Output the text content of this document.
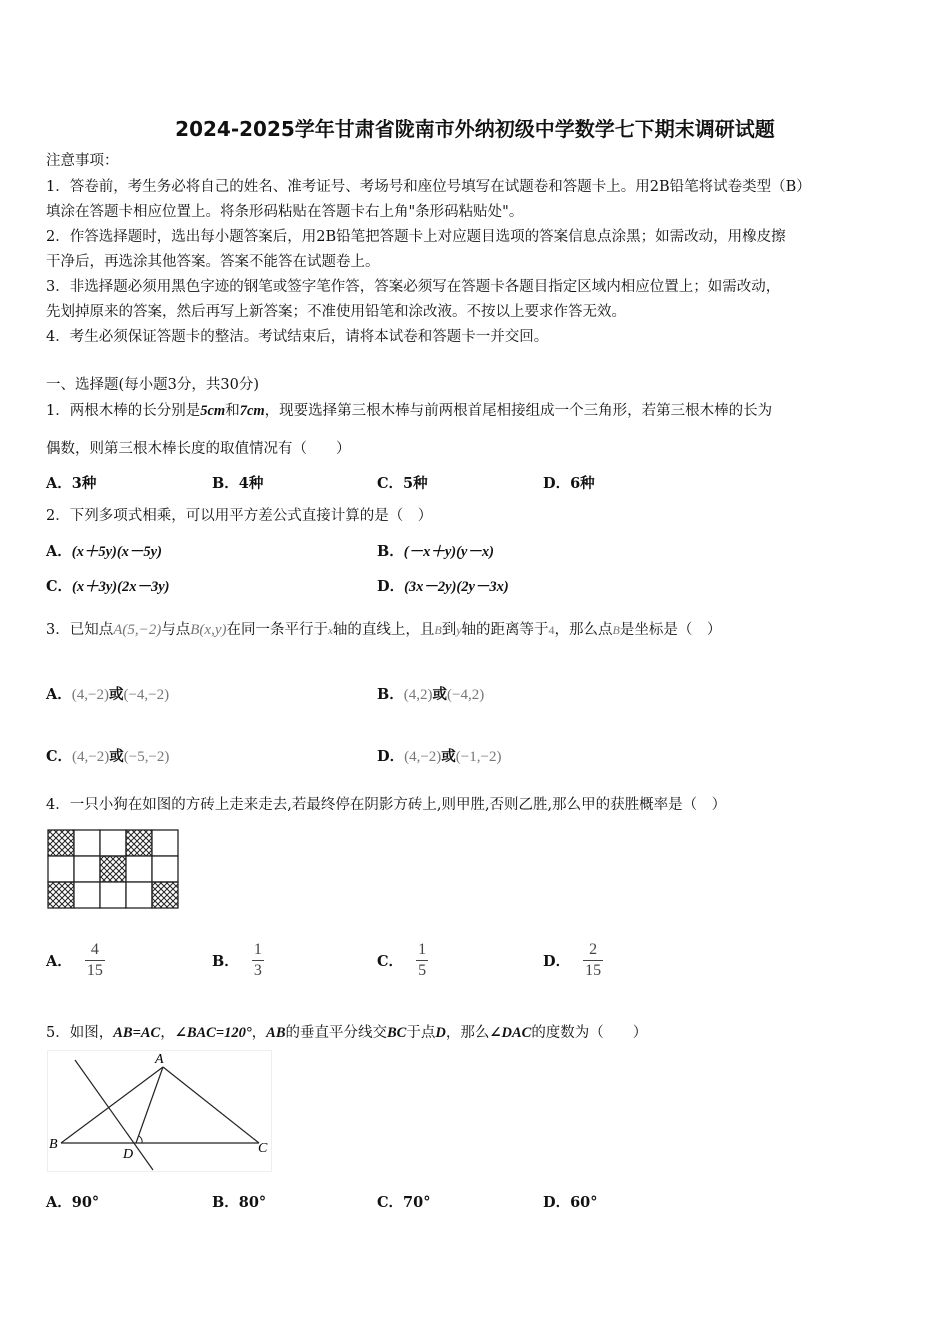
2024-2025学年甘肃省陇南市外纳初级中学数学七下期末调研试题
注意事项：
1．答卷前，考生务必将自己的姓名、准考证号、考场号和座位号填写在试题卷和答题卡上。用2B铅笔将试卷类型（B）
填涂在答题卡相应位置上。将条形码粘贴在答题卡右上角"条形码粘贴处"。
2．作答选择题时，选出每小题答案后，用2B铅笔把答题卡上对应题目选项的答案信息点涂黑；如需改动，用橡皮擦
干净后，再选涂其他答案。答案不能答在试题卷上。
3．非选择题必须用黑色字迹的钢笔或签字笔作答，答案必须写在答题卡各题目指定区域内相应位置上；如需改动，
先划掉原来的答案，然后再写上新答案；不准使用铅笔和涂改液。不按以上要求作答无效。
4．考生必须保证答题卡的整洁。考试结束后，请将本试卷和答题卡一并交回。
一、选择题(每小题3分，共30分)
1．两根木棒的长分别是5cm和7cm，现要选择第三根木棒与前两根首尾相接组成一个三角形，若第三根木棒的长为
偶数，则第三根木棒长度的取值情况有（　　）
A．3种	B．4种	C．5种	D．6种
2．下列多项式相乘，可以用平方差公式直接计算的是（　）
A．(x＋5y)(x－5y)	B．(－x＋y)(y－x)
C．(x＋3y)(2x－3y)	D．(3x－2y)(2y－3x)
3．已知点A(5,−2)与点B(x,y)在同一条平行于x轴的直线上，且B到y轴的距离等于4，那么点B是坐标是（　）
A．(4,−2)或(−4,−2)	B．(4,2)或(−4,2)
C．(4,−2)或(−5,−2)	D．(4,−2)或(−1,−2)
4．一只小狗在如图的方砖上走来走去,若最终停在阴影方砖上,则甲胜,否则乙胜,那么甲的获胜概率是（　）
A． $\frac{4}{15}$	B． $\frac{1}{3}$	C． $\frac{1}{5}$	D． $\frac{2}{15}$
5．如图，AB=AC，∠BAC=120°，AB的垂直平分线交BC于点D，那么∠DAC的度数为（　　）
A
B	C
D
A．90°	B．80°	C．70°	D．60°
